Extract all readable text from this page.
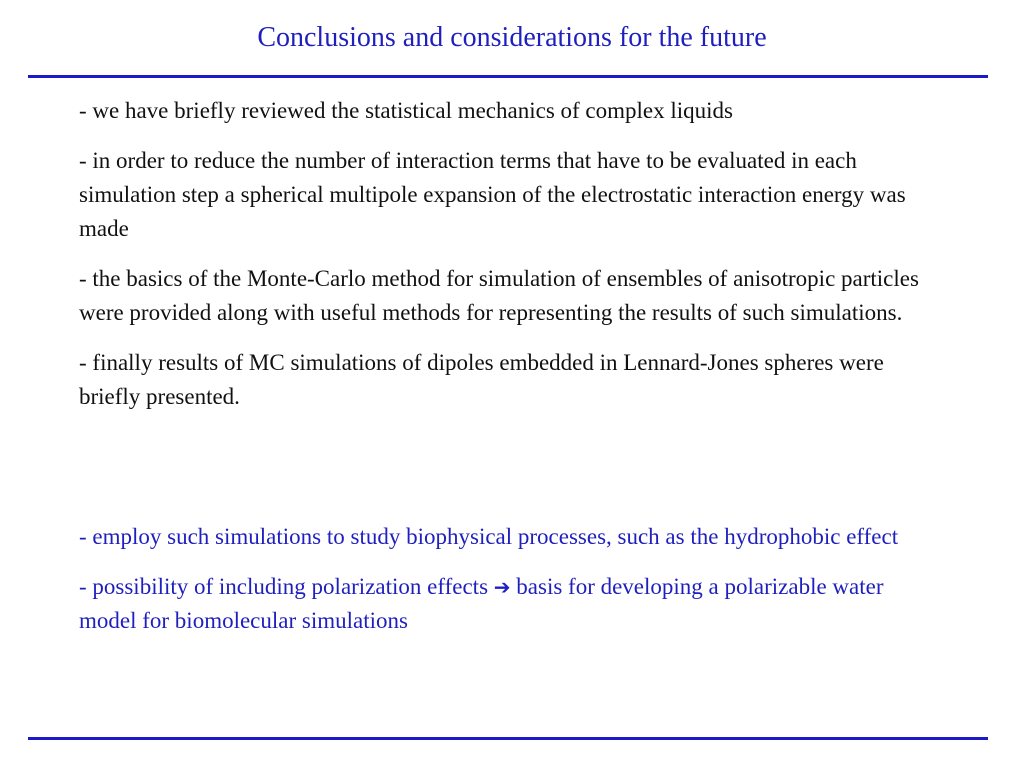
Conclusions and considerations for the future

- we have briefly reviewed the statistical mechanics of complex liquids

- in order to reduce the number of interaction terms that have to be evaluated in each simulation step a spherical multipole expansion of the electrostatic interaction energy was made

- the basics of the Monte-Carlo method for simulation of ensembles of anisotropic particles were provided along with useful methods for representing the results of such simulations.

- finally results of MC simulations of dipoles embedded in Lennard-Jones spheres were briefly presented.

- employ such simulations to study biophysical processes, such as the hydrophobic effect

- possibility of including polarization effects ➔ basis for developing a polarizable water model for biomolecular simulations
